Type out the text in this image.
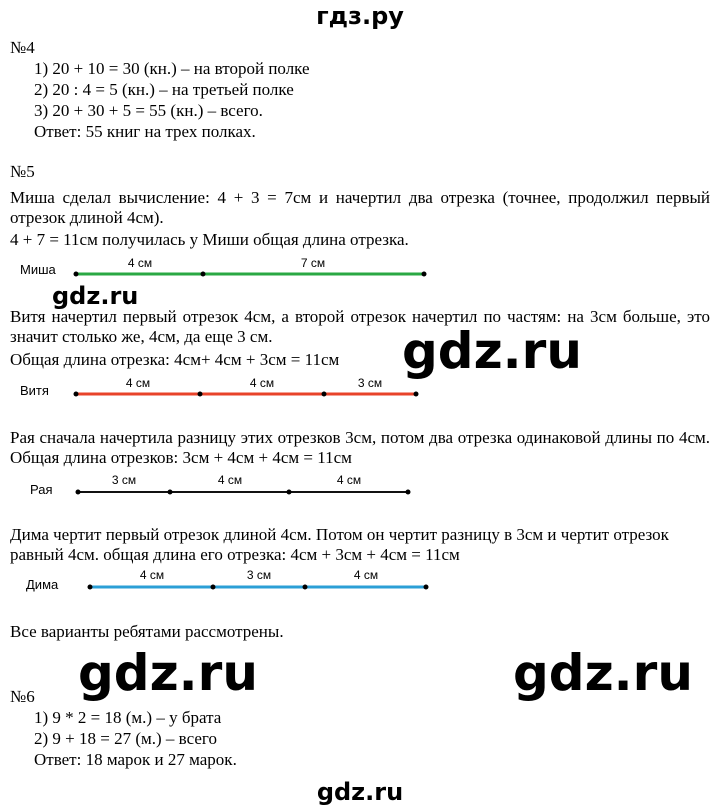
гдз.ру
№4
1) 20 + 10 = 30 (кн.) – на второй полке
2) 20 : 4 = 5 (кн.) – на третьей полке
3) 20 + 30 + 5 = 55 (кн.) – всего.
Ответ: 55 книг на трех полках.
№5
Миша сделал вычисление: 4 + 3 = 7см и начертил два отрезка (точнее, продолжил первый отрезок длиной 4см).
4 + 7 = 11см получилась у Миши общая длина отрезка.
Миша	4 см	7 см
Витя начертил первый отрезок 4см, а второй отрезок начертил по частям: на 3см больше, это значит столько же, 4см, да еще 3 см.
Общая длина отрезка: 4см+ 4см + 3см = 11см
Витя	4 см	4 см	3 см
Рая сначала начертила разницу этих отрезков 3см, потом два отрезка одинаковой длины по 4см. Общая длина отрезков: 3см + 4см + 4см = 11см
Рая
3 см	4 см	4 см
Дима чертит первый отрезок длиной 4см. Потом он чертит разницу в 3см и чертит отрезок равный 4см. общая длина его отрезка: 4см + 3см + 4см = 11см
Дима
4 см	3 см	4 см
Все варианты ребятами рассмотрены.
№6
1) 9 * 2 = 18 (м.) – у брата
2) 9 + 18 = 27 (м.) – всего
Ответ: 18 марок и 27 марок.
gdz.ru
gdz.ru
gdz.ru	gdz.ru
gdz.ru
